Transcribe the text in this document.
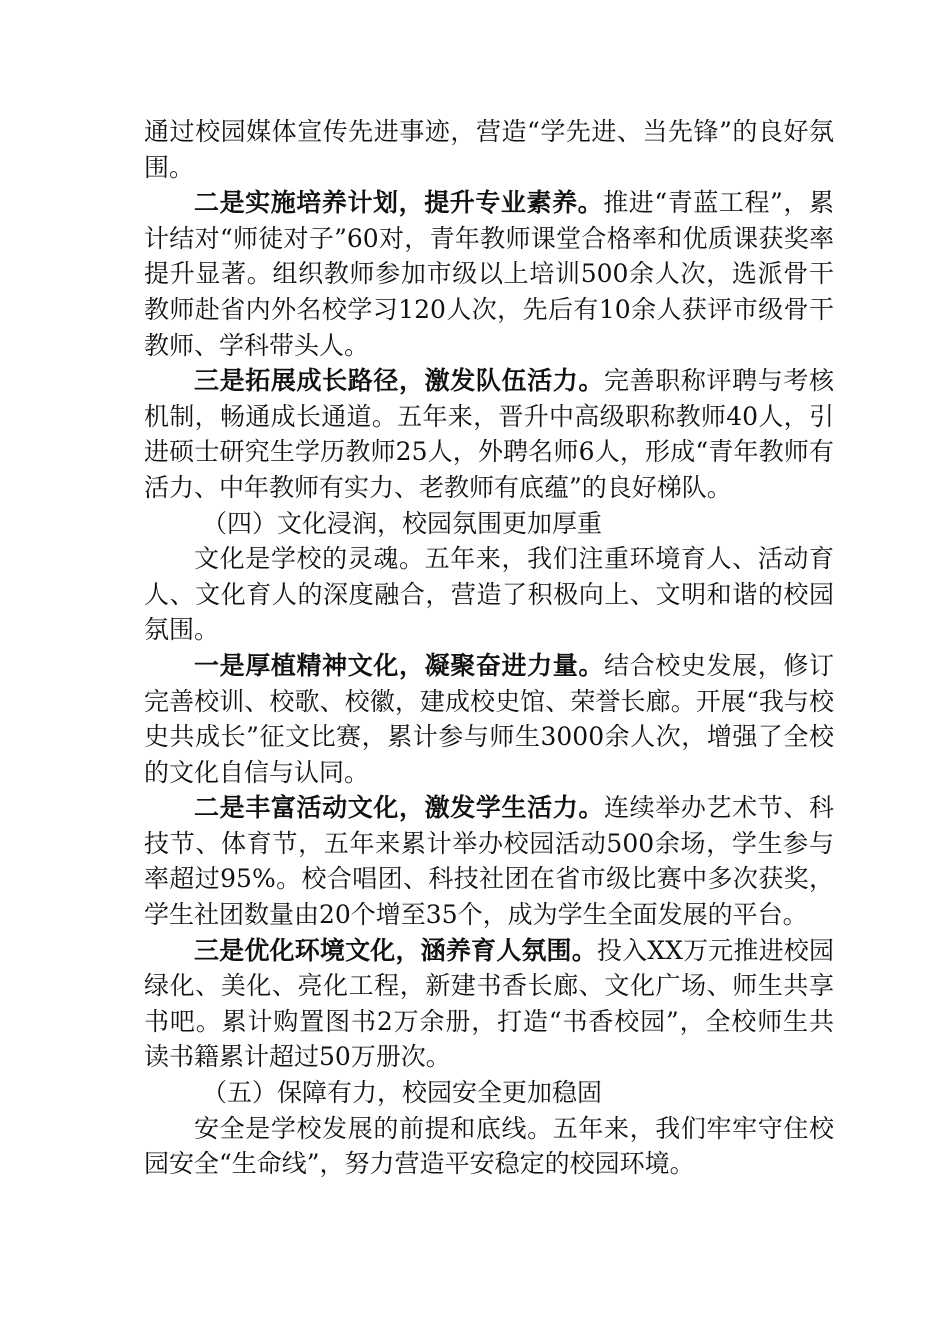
通过校园媒体宣传先进事迹，营造“学先进、当先锋”的良好氛围。

二是实施培养计划，提升专业素养。推进“青蓝工程”，累计结对“师徒对子”60对，青年教师课堂合格率和优质课获奖率提升显著。组织教师参加市级以上培训500余人次，选派骨干教师赴省内外名校学习120人次，先后有10余人获评市级骨干教师、学科带头人。

三是拓展成长路径，激发队伍活力。完善职称评聘与考核机制，畅通成长通道。五年来，晋升中高级职称教师40人，引进硕士研究生学历教师25人，外聘名师6人，形成“青年教师有活力、中年教师有实力、老教师有底蕴”的良好梯队。

（四）文化浸润，校园氛围更加厚重

文化是学校的灵魂。五年来，我们注重环境育人、活动育人、文化育人的深度融合，营造了积极向上、文明和谐的校园氛围。

一是厚植精神文化，凝聚奋进力量。结合校史发展，修订完善校训、校歌、校徽，建成校史馆、荣誉长廊。开展“我与校史共成长”征文比赛，累计参与师生3000余人次，增强了全校的文化自信与认同。

二是丰富活动文化，激发学生活力。连续举办艺术节、科技节、体育节，五年来累计举办校园活动500余场，学生参与率超过95%。校合唱团、科技社团在省市级比赛中多次获奖，学生社团数量由20个增至35个，成为学生全面发展的平台。

三是优化环境文化，涵养育人氛围。投入XX万元推进校园绿化、美化、亮化工程，新建书香长廊、文化广场、师生共享书吧。累计购置图书2万余册，打造“书香校园”，全校师生共读书籍累计超过50万册次。

（五）保障有力，校园安全更加稳固

安全是学校发展的前提和底线。五年来，我们牢牢守住校园安全“生命线”，努力营造平安稳定的校园环境。
